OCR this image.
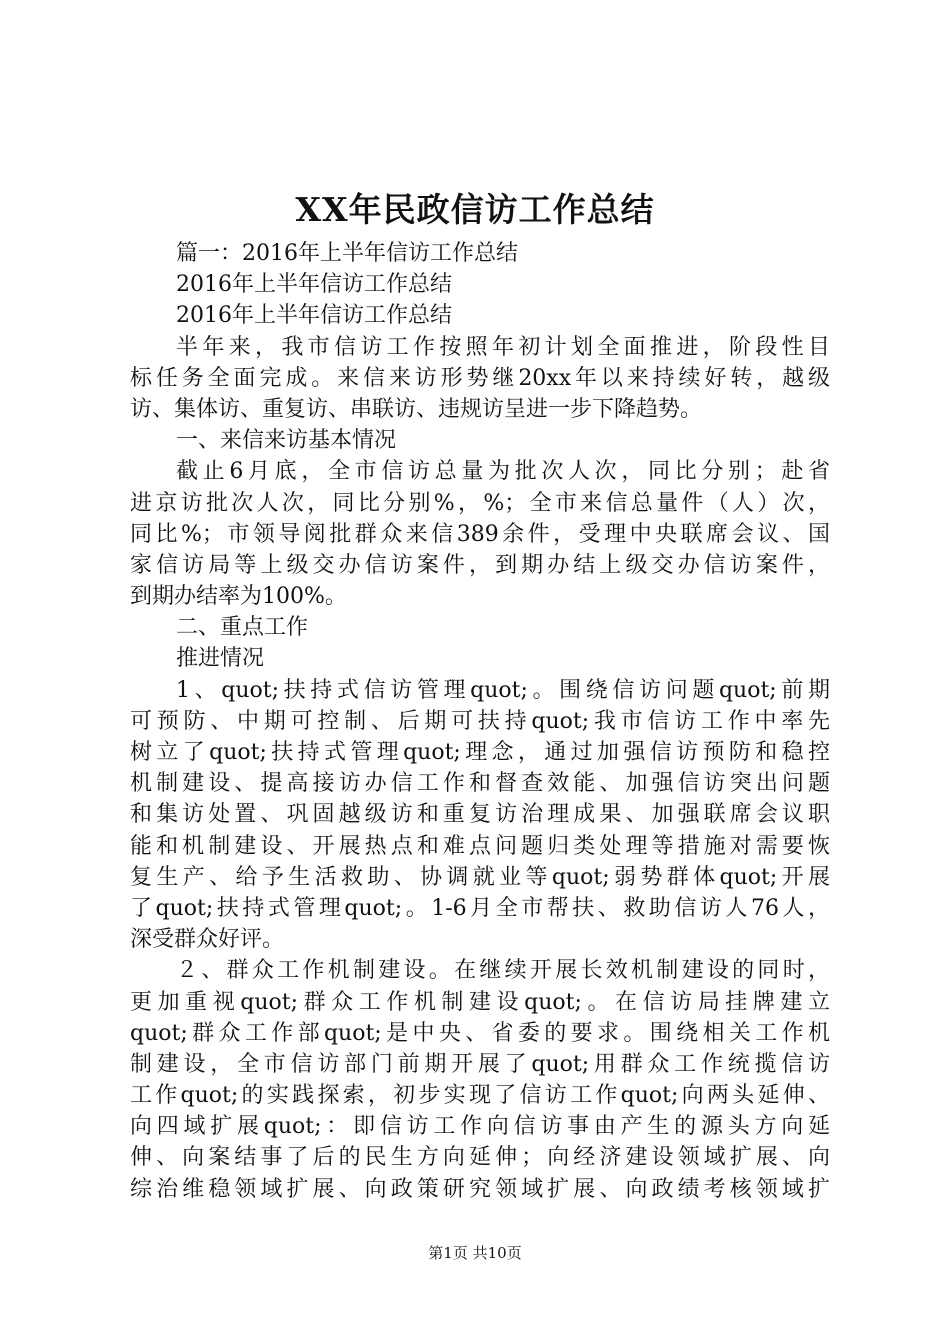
XX年民政信访工作总结
篇一：2016年上半年信访工作总结
2016年上半年信访工作总结
2016年上半年信访工作总结
半年来，我市信访工作按照年初计划全面推进，阶段性目
标任务全面完成。来信来访形势继20xx年以来持续好转，越级
访、集体访、重复访、串联访、违规访呈进一步下降趋势。
一、来信来访基本情况
截止6月底，全市信访总量为批次人次，同比分别；赴省
进京访批次人次，同比分别%，%；全市来信总量件（人）次，
同比%；市领导阅批群众来信389余件，受理中央联席会议、国
家信访局等上级交办信访案件，到期办结上级交办信访案件，
到期办结率为100%。
二、重点工作
推进情况
1、quot;扶持式信访管理quot;。围绕信访问题quot;前期
可预防、中期可控制、后期可扶持quot;我市信访工作中率先
树立了quot;扶持式管理quot;理念，通过加强信访预防和稳控
机制建设、提高接访办信工作和督查效能、加强信访突出问题
和集访处置、巩固越级访和重复访治理成果、加强联席会议职
能和机制建设、开展热点和难点问题归类处理等措施对需要恢
复生产、给予生活救助、协调就业等quot;弱势群体quot;开展
了quot;扶持式管理quot;。1-6月全市帮扶、救助信访人76人，
深受群众好评。
２、群众工作机制建设。在继续开展长效机制建设的同时，
更加重视quot;群众工作机制建设quot;。在信访局挂牌建立
quot;群众工作部quot;是中央、省委的要求。围绕相关工作机
制建设，全市信访部门前期开展了quot;用群众工作统揽信访
工作quot;的实践探索，初步实现了信访工作quot;向两头延伸、
向四域扩展quot;：即信访工作向信访事由产生的源头方向延
伸、向案结事了后的民生方向延伸；向经济建设领域扩展、向
综治维稳领域扩展、向政策研究领域扩展、向政绩考核领域扩
第1页 共10页
